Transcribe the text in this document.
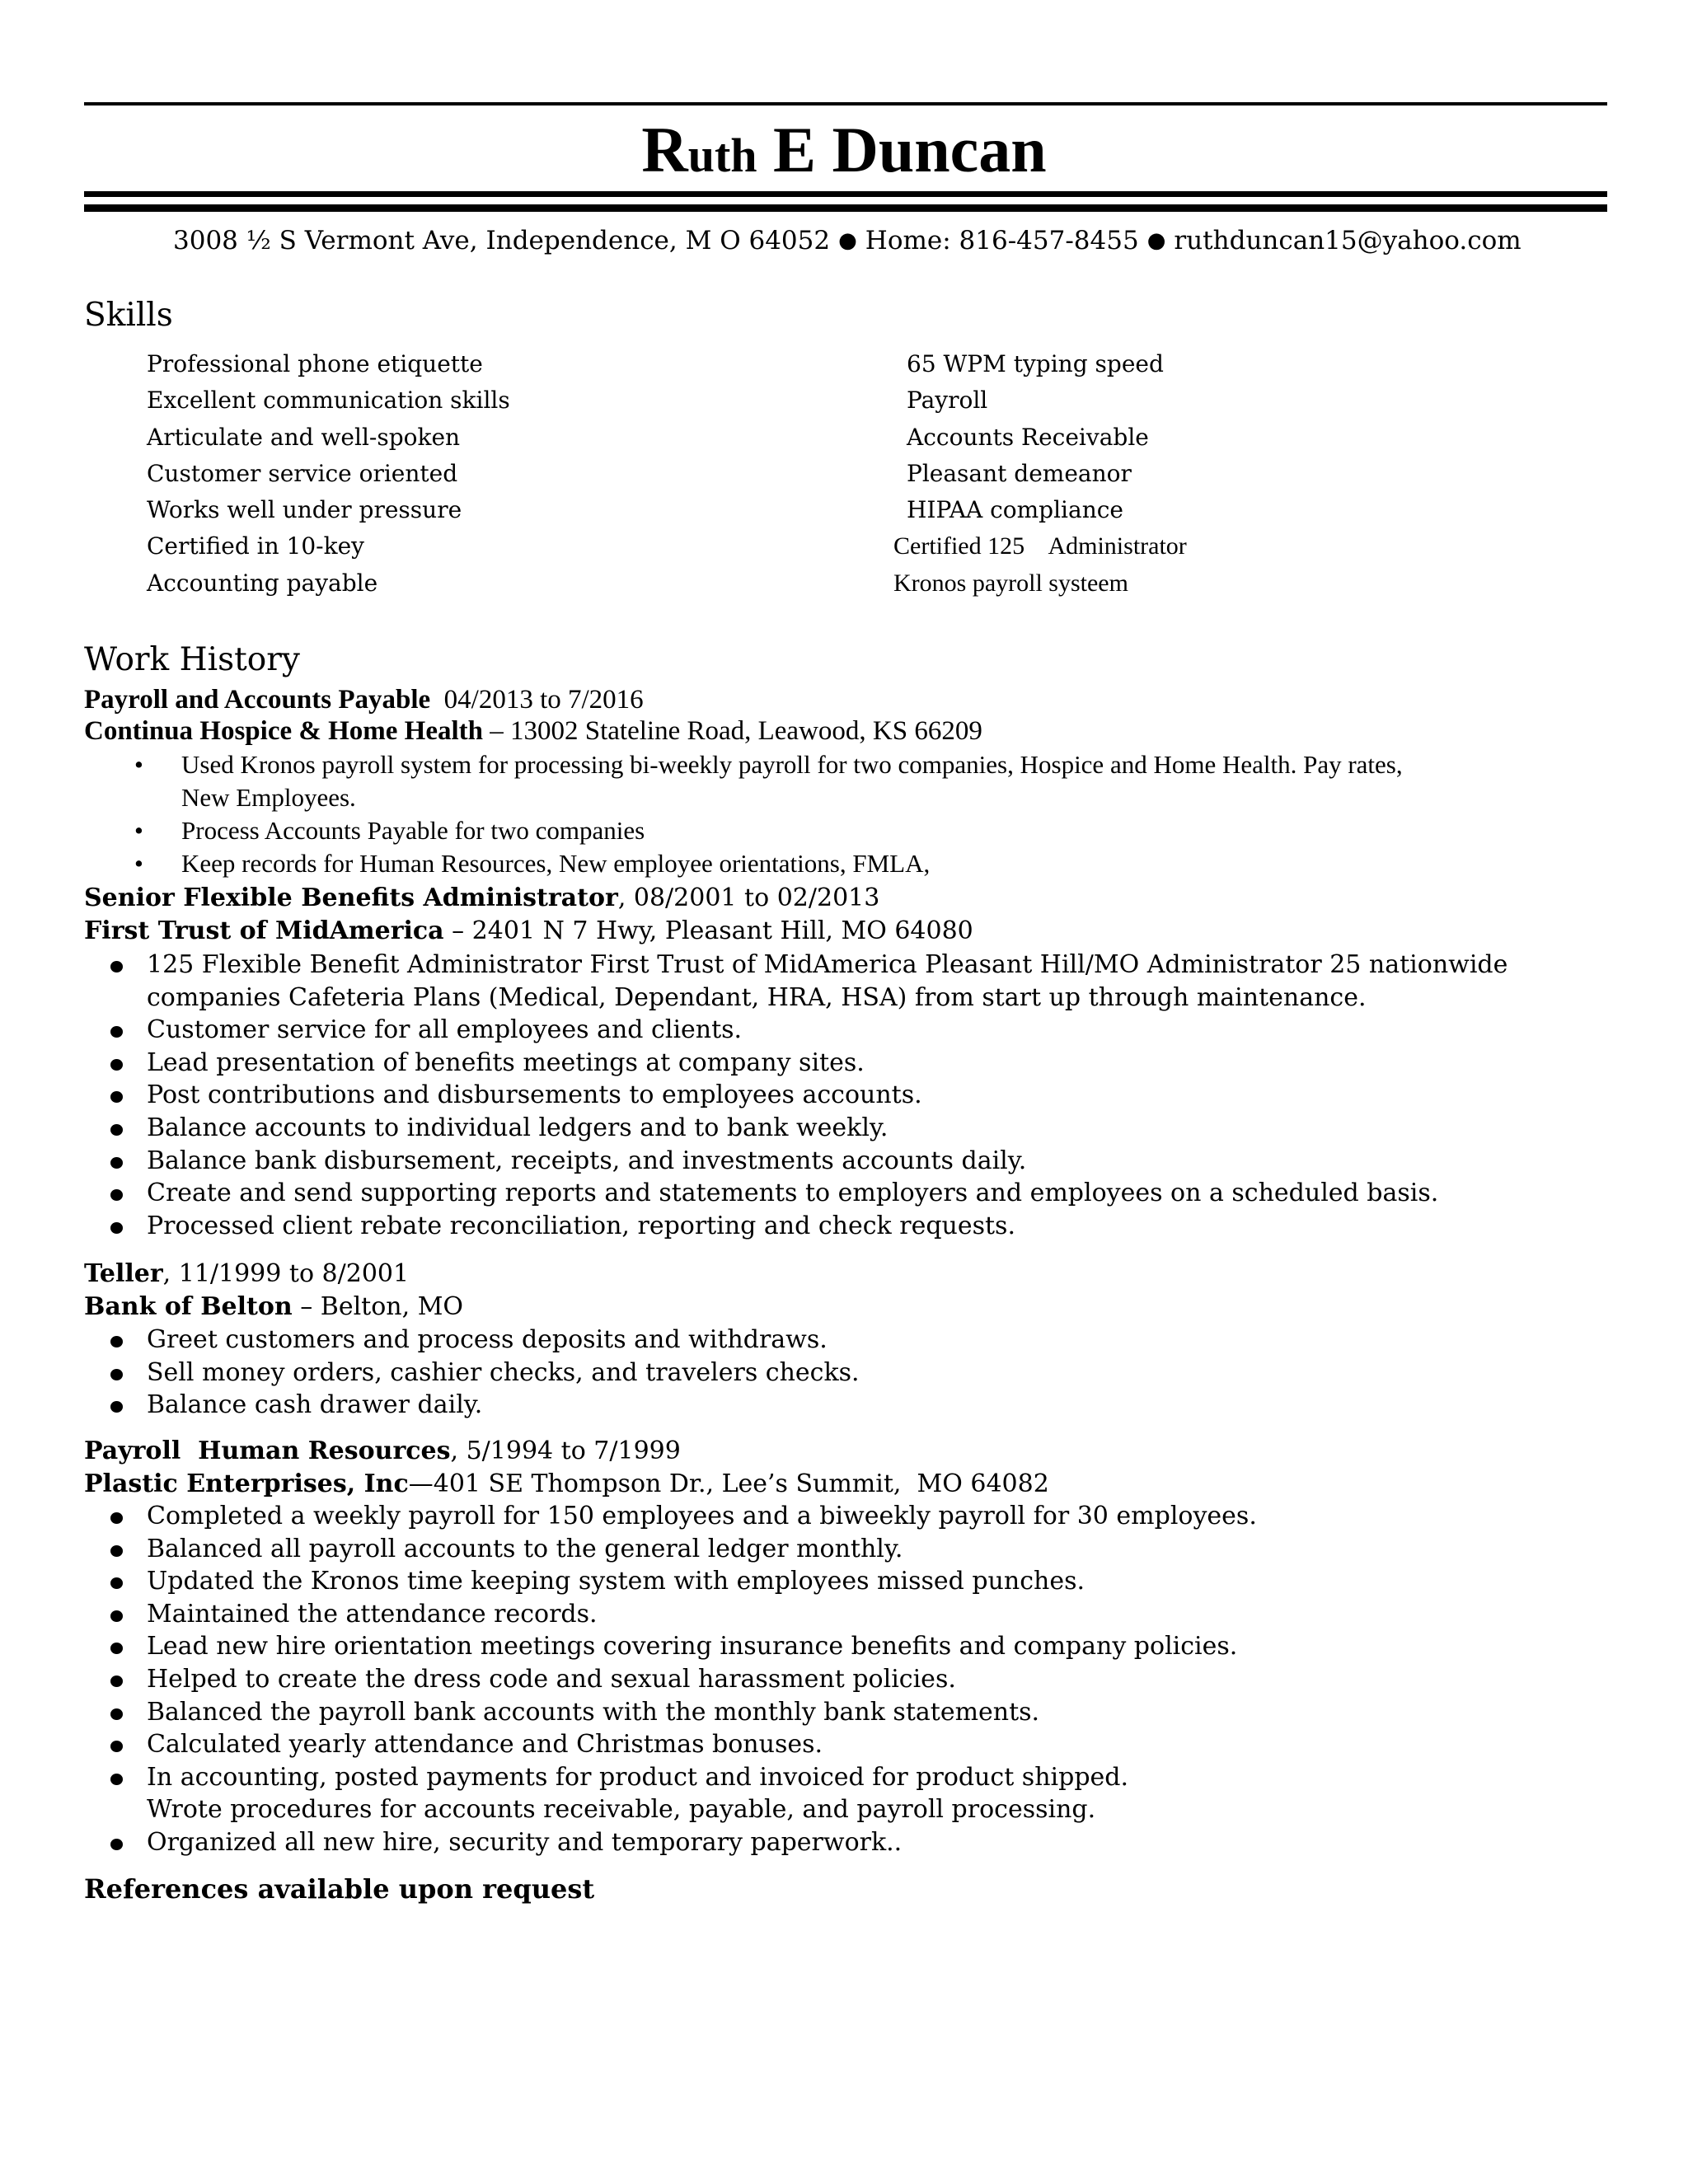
Ruth E Duncan
3008 ½ S Vermont Ave, Independence, M O 64052 ● Home: 816-457-8455 ● ruthduncan15@yahoo.com
Skills
Professional phone etiquette
Excellent communication skills
Articulate and well-spoken
Customer service oriented
Works well under pressure
Certified in 10-key
Accounting payable
65 WPM typing speed
Payroll
Accounts Receivable
Pleasant demeanor
HIPAA compliance
Certified 125    Administrator
Kronos payroll systeem
Work History
Payroll and Accounts Payable  04/2013 to 7/2016
Continua Hospice & Home Health – 13002 Stateline Road, Leawood, KS 66209
• Used Kronos payroll system for processing bi-weekly payroll for two companies, Hospice and Home Health. Pay rates,
New Employees.
• Process Accounts Payable for two companies
• Keep records for Human Resources, New employee orientations, FMLA,
Senior Flexible Benefits Administrator, 08/2001 to 02/2013
First Trust of MidAmerica – 2401 N 7 Hwy, Pleasant Hill, MO 64080
125 Flexible Benefit Administrator First Trust of MidAmerica Pleasant Hill/MO Administrator 25 nationwide
companies Cafeteria Plans (Medical, Dependant, HRA, HSA) from start up through maintenance.
Customer service for all employees and clients.
Lead presentation of benefits meetings at company sites.
Post contributions and disbursements to employees accounts.
Balance accounts to individual ledgers and to bank weekly.
Balance bank disbursement, receipts, and investments accounts daily.
Create and send supporting reports and statements to employers and employees on a scheduled basis.
Processed client rebate reconciliation, reporting and check requests.
Teller, 11/1999 to 8/2001
Bank of Belton – Belton, MO
Greet customers and process deposits and withdraws.
Sell money orders, cashier checks, and travelers checks.
Balance cash drawer daily.
Payroll  Human Resources, 5/1994 to 7/1999
Plastic Enterprises, Inc—401 SE Thompson Dr., Lee’s Summit,  MO 64082
Completed a weekly payroll for 150 employees and a biweekly payroll for 30 employees.
Balanced all payroll accounts to the general ledger monthly.
Updated the Kronos time keeping system with employees missed punches.
Maintained the attendance records.
Lead new hire orientation meetings covering insurance benefits and company policies.
Helped to create the dress code and sexual harassment policies.
Balanced the payroll bank accounts with the monthly bank statements.
Calculated yearly attendance and Christmas bonuses.
In accounting, posted payments for product and invoiced for product shipped.
Wrote procedures for accounts receivable, payable, and payroll processing.
Organized all new hire, security and temporary paperwork..
References available upon request
